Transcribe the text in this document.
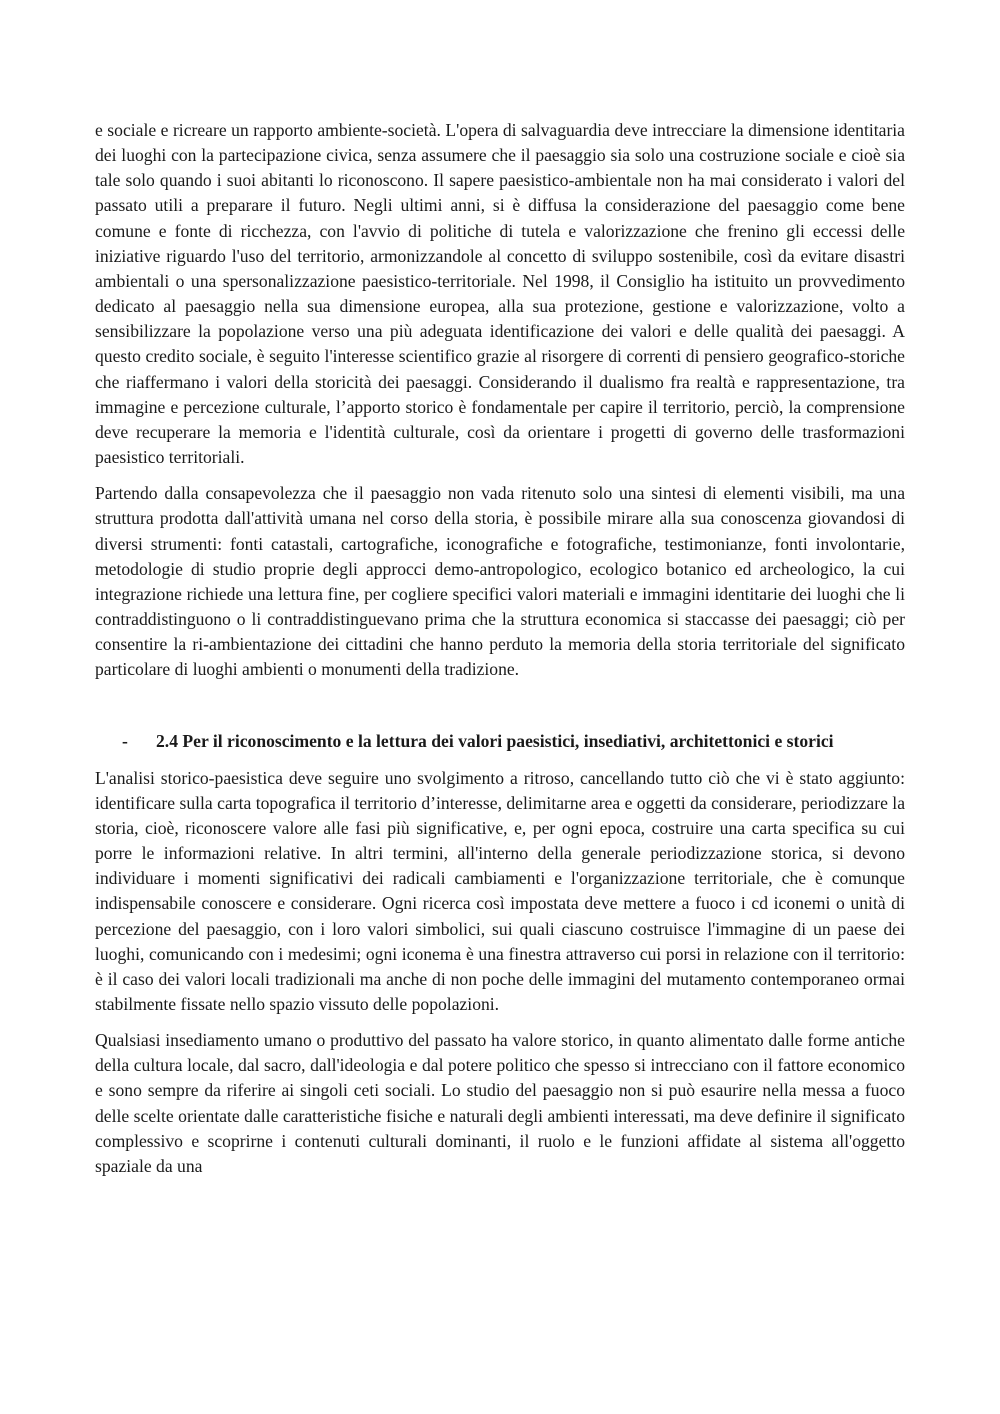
e sociale e ricreare un rapporto ambiente-società. L'opera di salvaguardia deve intrecciare la dimensione identitaria dei luoghi con la partecipazione civica, senza assumere che il paesaggio sia solo una costruzione sociale e cioè sia tale solo quando i suoi abitanti lo riconoscono. Il sapere paesistico-ambientale non ha mai considerato i valori del passato utili a preparare il futuro. Negli ultimi anni, si è diffusa la considerazione del paesaggio come bene comune e fonte di ricchezza, con l'avvio di politiche di tutela e valorizzazione che frenino gli eccessi delle iniziative riguardo l'uso del territorio, armonizzandole al concetto di sviluppo sostenibile, così da evitare disastri ambientali o una spersonalizzazione paesistico-territoriale. Nel 1998, il Consiglio ha istituito un provvedimento dedicato al paesaggio nella sua dimensione europea, alla sua protezione, gestione e valorizzazione, volto a sensibilizzare la popolazione verso una più adeguata identificazione dei valori e delle qualità dei paesaggi. A questo credito sociale, è seguito l'interesse scientifico grazie al risorgere di correnti di pensiero geografico-storiche che riaffermano i valori della storicità dei paesaggi. Considerando il dualismo fra realtà e rappresentazione, tra immagine e percezione culturale, l’apporto storico è fondamentale per capire il territorio, perciò, la comprensione deve recuperare la memoria e l'identità culturale, così da orientare i progetti di governo delle trasformazioni paesistico territoriali.

Partendo dalla consapevolezza che il paesaggio non vada ritenuto solo una sintesi di elementi visibili, ma una struttura prodotta dall'attività umana nel corso della storia, è possibile mirare alla sua conoscenza giovandosi di diversi strumenti: fonti catastali, cartografiche, iconografiche e fotografiche, testimonianze, fonti involontarie, metodologie di studio proprie degli approcci demo-antropologico, ecologico botanico ed archeologico, la cui integrazione richiede una lettura fine, per cogliere specifici valori materiali e immagini identitarie dei luoghi che li contraddistinguono o li contraddistinguevano prima che la struttura economica si staccasse dei paesaggi; ciò per consentire la ri-ambientazione dei cittadini che hanno perduto la memoria della storia territoriale del significato particolare di luoghi ambienti o monumenti della tradizione.

- 2.4 Per il riconoscimento e la lettura dei valori paesistici, insediativi, architettonici e storici

L'analisi storico-paesistica deve seguire uno svolgimento a ritroso, cancellando tutto ciò che vi è stato aggiunto: identificare sulla carta topografica il territorio d’interesse, delimitarne area e oggetti da considerare, periodizzare la storia, cioè, riconoscere valore alle fasi più significative, e, per ogni epoca, costruire una carta specifica su cui porre le informazioni relative. In altri termini, all'interno della generale periodizzazione storica, si devono individuare i momenti significativi dei radicali cambiamenti e l'organizzazione territoriale, che è comunque indispensabile conoscere e considerare. Ogni ricerca così impostata deve mettere a fuoco i cd iconemi o unità di percezione del paesaggio, con i loro valori simbolici, sui quali ciascuno costruisce l'immagine di un paese dei luoghi, comunicando con i medesimi; ogni iconema è una finestra attraverso cui porsi in relazione con il territorio: è il caso dei valori locali tradizionali ma anche di non poche delle immagini del mutamento contemporaneo ormai stabilmente fissate nello spazio vissuto delle popolazioni.

Qualsiasi insediamento umano o produttivo del passato ha valore storico, in quanto alimentato dalle forme antiche della cultura locale, dal sacro, dall'ideologia e dal potere politico che spesso si intrecciano con il fattore economico e sono sempre da riferire ai singoli ceti sociali. Lo studio del paesaggio non si può esaurire nella messa a fuoco delle scelte orientate dalle caratteristiche fisiche e naturali degli ambienti interessati, ma deve definire il significato complessivo e scoprirne i contenuti culturali dominanti, il ruolo e le funzioni affidate al sistema all'oggetto spaziale da una
